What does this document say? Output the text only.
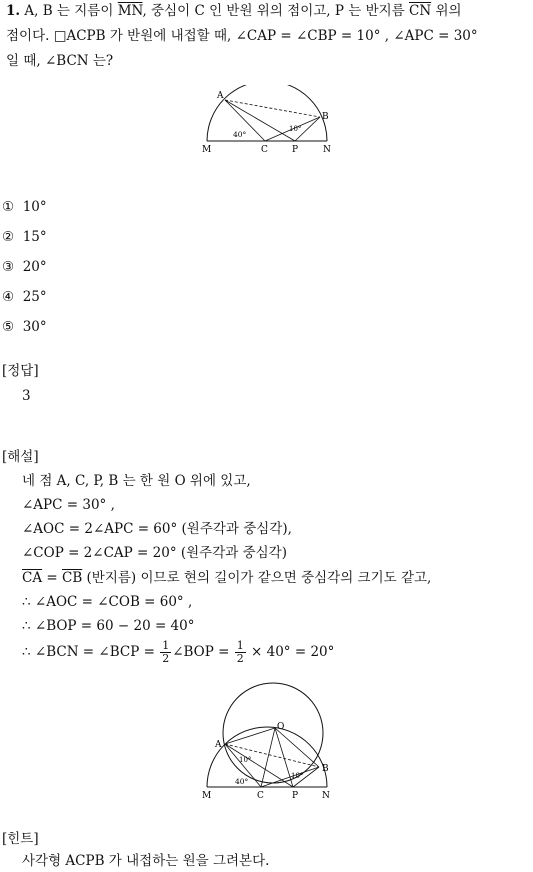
1. A, B 는 지름이 $\overline{MN}$, 중심이 C 인 반원 위의 점이고, P 는 반지름 $\overline{CN}$ 위의
점이다. □ACPB 가 반원에 내접할 때, ∠CAP = ∠CBP = 10° , ∠APC = 30°
일 때, ∠BCN 는?
A
B
M	C	P	N
40°
10°
① 10°
② 15°
③ 20°
④ 25°
⑤ 30°
[정답]
3
[해설]
네 점 A, C, P, B 는 한 원 O 위에 있고,
∠APC = 30° ,
∠AOC = 2∠APC = 60° (원주각과 중심각),
∠COP = 2∠CAP = 20° (원주각과 중심각)
$\overline{CA} = \overline{CB}$ (반지름) 이므로 현의 길이가 같으면 중심각의 크기도 같고,
∴ ∠AOC = ∠COB = 60° ,
∴ ∠BOP = 60 − 20 = 40°
∴ ∠BCN = ∠BCP = $\frac{1}{2}$ ∠BOP = $\frac{1}{2} \times 40^\circ = 20^\circ$
O
A
B
M	C	P	N
10°
10°
40°
[힌트]
사각형 ACPB 가 내접하는 원을 그려본다.
